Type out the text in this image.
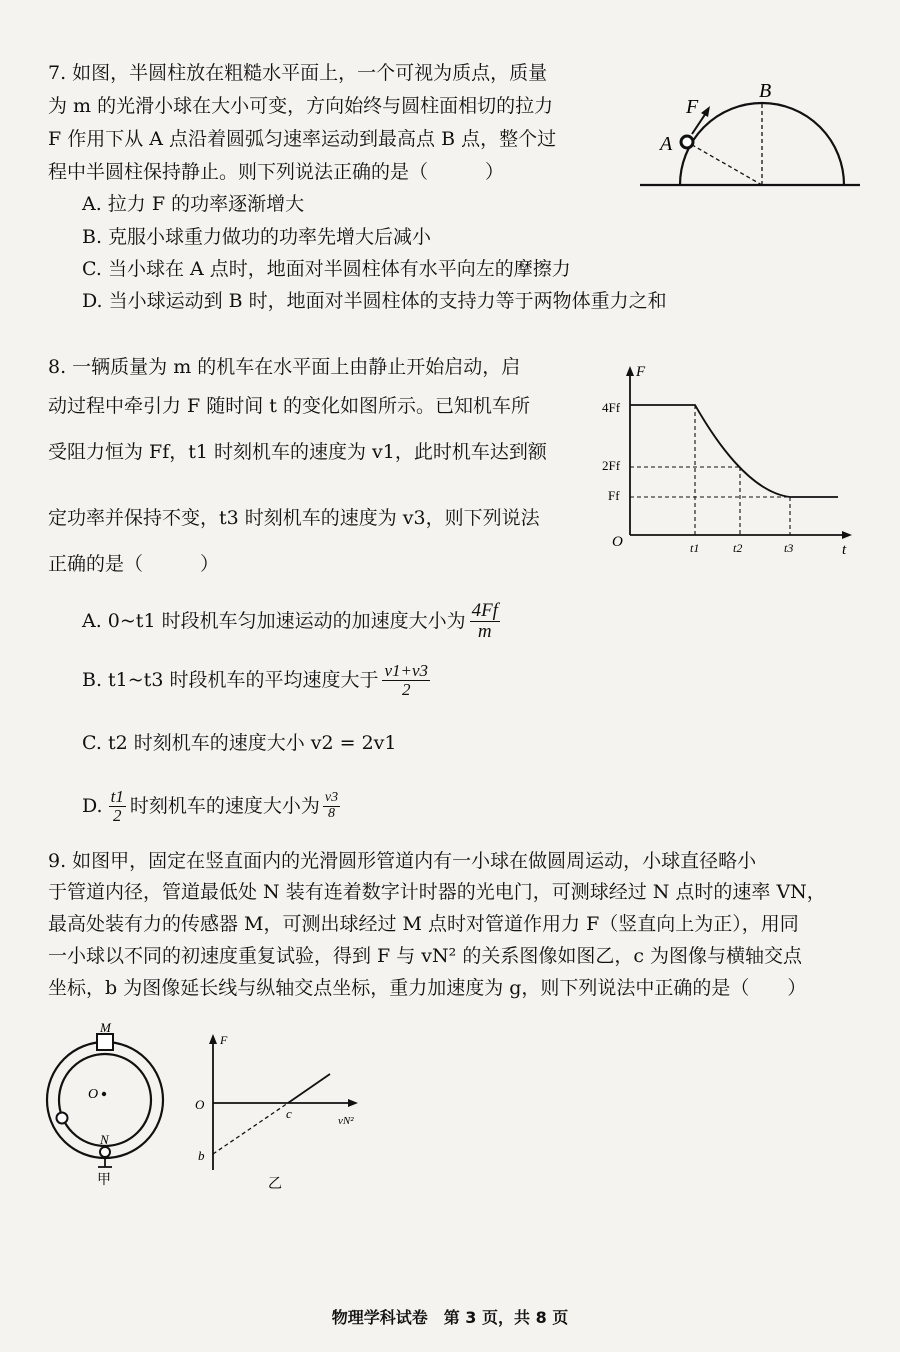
7. 如图，半圆柱放在粗糙水平面上，一个可视为质点，质量
为 m 的光滑小球在大小可变，方向始终与圆柱面相切的拉力
F 作用下从 A 点沿着圆弧匀速率运动到最高点 B 点，整个过
程中半圆柱保持静止。则下列说法正确的是（　　　）
A. 拉力 F 的功率逐渐增大
B. 克服小球重力做功的功率先增大后减小
C. 当小球在 A 点时，地面对半圆柱体有水平向左的摩擦力
D. 当小球运动到 B 时，地面对半圆柱体的支持力等于两物体重力之和
F
A
B
8. 一辆质量为 m 的机车在水平面上由静止开始启动，启
动过程中牵引力 F 随时间 t 的变化如图所示。已知机车所
受阻力恒为 Ff，t1 时刻机车的速度为 v1，此时机车达到额
定功率并保持不变，t3 时刻机车的速度为 v3，则下列说法
正确的是（　　　）
F
t
O
4Ff
2Ff
Ff
t1	t2	t3
A. 0~t1 时段机车匀加速运动的加速度大小为 $\frac{4Ff}{m}$
B. t1~t3 时段机车的平均速度大于 $\frac{v1+v3}{2}$
C. t2 时刻机车的速度大小 v2 = 2v1
D. $\frac{t1}{2}$ 时刻机车的速度大小为 $\frac{v3}{8}$
9. 如图甲，固定在竖直面内的光滑圆形管道内有一小球在做圆周运动，小球直径略小
于管道内径，管道最低处 N 装有连着数字计时器的光电门，可测球经过 N 点时的速率 VN，
最高处装有力的传感器 M，可测出球经过 M 点时对管道作用力 F（竖直向上为正），用同
一小球以不同的初速度重复试验，得到 F 与 vN² 的关系图像如图乙，c 为图像与横轴交点
坐标，b 为图像延长线与纵轴交点坐标，重力加速度为 g，则下列说法中正确的是（　　）
M
O
N
甲
F
O
vN²
c
b
乙
物理学科试卷　第 3 页，共 8 页
